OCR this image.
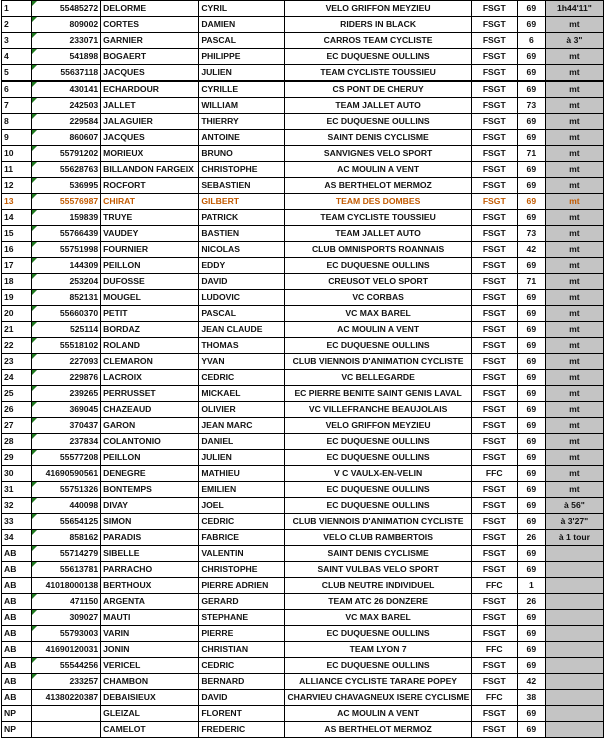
1	55485272	DELORME	CYRIL	VELO GRIFFON MEYZIEU	FSGT	69	1h44'11"
2	809002	CORTES	DAMIEN	RIDERS IN BLACK	FSGT	69	mt
3	233071	GARNIER	PASCAL	CARROS TEAM CYCLISTE	FSGT	6	à 3"
4	541898	BOGAERT	PHILIPPE	EC DUQUESNE OULLINS	FSGT	69	mt
5	55637118	JACQUES	JULIEN	TEAM CYCLISTE TOUSSIEU	FSGT	69	mt
6	430141	ECHARDOUR	CYRILLE	CS PONT DE CHERUY	FSGT	69	mt
7	242503	JALLET	WILLIAM	TEAM JALLET AUTO	FSGT	73	mt
8	229584	JALAGUIER	THIERRY	EC DUQUESNE OULLINS	FSGT	69	mt
9	860607	JACQUES	ANTOINE	SAINT DENIS CYCLISME	FSGT	69	mt
10	55791202	MORIEUX	BRUNO	SANVIGNES VELO SPORT	FSGT	71	mt
11	55628763	BILLANDON FARGEIX	CHRISTOPHE	AC MOULIN A VENT	FSGT	69	mt
12	536995	ROCFORT	SEBASTIEN	AS BERTHELOT MERMOZ	FSGT	69	mt
13	55576987	CHIRAT	GILBERT	TEAM DES DOMBES	FSGT	69	mt
14	159839	TRUYE	PATRICK	TEAM CYCLISTE TOUSSIEU	FSGT	69	mt
15	55766439	VAUDEY	BASTIEN	TEAM JALLET AUTO	FSGT	73	mt
16	55751998	FOURNIER	NICOLAS	CLUB OMNISPORTS ROANNAIS	FSGT	42	mt
17	144309	PEILLON	EDDY	EC DUQUESNE OULLINS	FSGT	69	mt
18	253204	DUFOSSE	DAVID	CREUSOT VELO SPORT	FSGT	71	mt
19	852131	MOUGEL	LUDOVIC	VC CORBAS	FSGT	69	mt
20	55660370	PETIT	PASCAL	VC MAX BAREL	FSGT	69	mt
21	525114	BORDAZ	JEAN CLAUDE	AC MOULIN A VENT	FSGT	69	mt
22	55518102	ROLAND	THOMAS	EC DUQUESNE OULLINS	FSGT	69	mt
23	227093	CLEMARON	YVAN	CLUB VIENNOIS D'ANIMATION CYCLISTE	FSGT	69	mt
24	229876	LACROIX	CEDRIC	VC BELLEGARDE	FSGT	69	mt
25	239265	PERRUSSET	MICKAEL	EC PIERRE BENITE SAINT GENIS LAVAL	FSGT	69	mt
26	369045	CHAZEAUD	OLIVIER	VC VILLEFRANCHE BEAUJOLAIS	FSGT	69	mt
27	370437	GARON	JEAN MARC	VELO GRIFFON MEYZIEU	FSGT	69	mt
28	237834	COLANTONIO	DANIEL	EC DUQUESNE OULLINS	FSGT	69	mt
29	55577208	PEILLON	JULIEN	EC DUQUESNE OULLINS	FSGT	69	mt
30	41690590561	DENEGRE	MATHIEU	V C VAULX-EN-VELIN	FFC	69	mt
31	55751326	BONTEMPS	EMILIEN	EC DUQUESNE OULLINS	FSGT	69	mt
32	440098	DIVAY	JOEL	EC DUQUESNE OULLINS	FSGT	69	à 56"
33	55654125	SIMON	CEDRIC	CLUB VIENNOIS D'ANIMATION CYCLISTE	FSGT	69	à 3'27"
34	858162	PARADIS	FABRICE	VELO CLUB RAMBERTOIS	FSGT	26	à 1 tour
AB	55714279	SIBELLE	VALENTIN	SAINT DENIS CYCLISME	FSGT	69	
AB	55613781	PARRACHO	CHRISTOPHE	SAINT VULBAS VELO SPORT	FSGT	69	
AB	41018000138	BERTHOUX	PIERRE ADRIEN	CLUB NEUTRE INDIVIDUEL	FFC	1	
AB	471150	ARGENTA	GERARD	TEAM ATC 26 DONZERE	FSGT	26	
AB	309027	MAUTI	STEPHANE	VC MAX BAREL	FSGT	69	
AB	55793003	VARIN	PIERRE	EC DUQUESNE OULLINS	FSGT	69	
AB	41690120031	JONIN	CHRISTIAN	TEAM LYON 7	FFC	69	
AB	55544256	VERICEL	CEDRIC	EC DUQUESNE OULLINS	FSGT	69	
AB	233257	CHAMBON	BERNARD	ALLIANCE CYCLISTE TARARE POPEY	FSGT	42	
AB	41380220387	DEBAISIEUX	DAVID	CHARVIEU CHAVAGNEUX ISERE CYCLISME	FFC	38	
NP		GLEIZAL	FLORENT	AC MOULIN A VENT	FSGT	69	
NP		CAMELOT	FREDERIC	AS BERTHELOT MERMOZ	FSGT	69	
